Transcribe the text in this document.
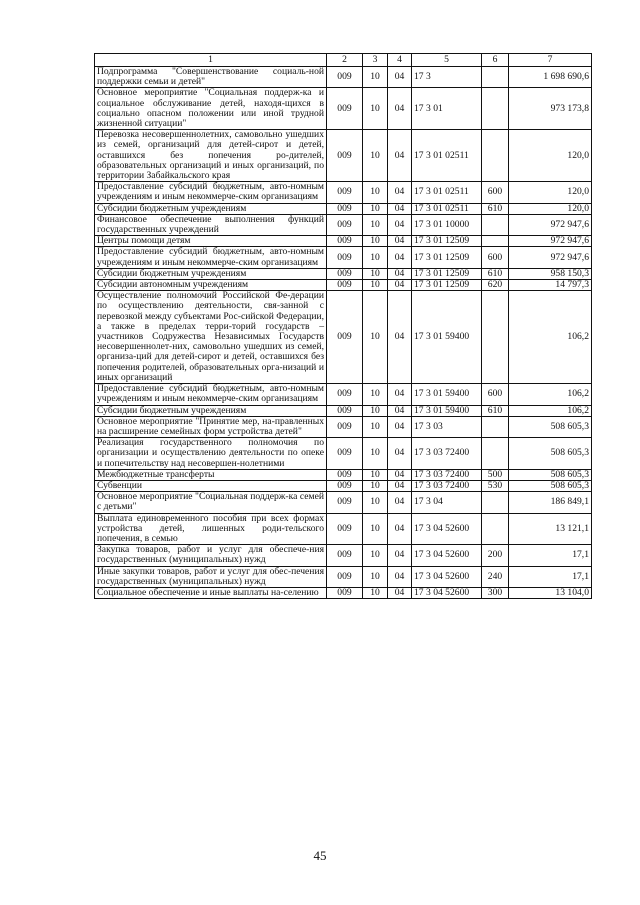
1	2	3	4	5	6	7
Подпрограмма "Совершенствование социаль-ной поддержки семьи и детей"	009	10	04	17 3		1 698 690,6
Основное мероприятие "Социальная поддерж-ка и социальное обслуживание детей, находя-щихся в социально опасном положении или иной трудной жизненной ситуации"	009	10	04	17 3 01		973 173,8
Перевозка несовершеннолетних, самовольно ушедших из семей, организаций для детей-сирот и детей, оставшихся без попечения ро-дителей, образовательных организаций и иных организаций, по территории Забайкальского края	009	10	04	17 3 01 02511		120,0
Предоставление субсидий бюджетным, авто-номным учреждениям и иным некоммерче-ским организациям	009	10	04	17 3 01 02511	600	120,0
Субсидии бюджетным учреждениям	009	10	04	17 3 01 02511	610	120,0
Финансовое обеспечение выполнения функций государственных учреждений	009	10	04	17 3 01 10000		972 947,6
Центры помощи детям	009	10	04	17 3 01 12509		972 947,6
Предоставление субсидий бюджетным, авто-номным учреждениям и иным некоммерче-ским организациям	009	10	04	17 3 01 12509	600	972 947,6
Субсидии бюджетным учреждениям	009	10	04	17 3 01 12509	610	958 150,3
Субсидии автономным учреждениям	009	10	04	17 3 01 12509	620	14 797,3
Осуществление полномочий Российской Фе-дерации по осуществлению деятельности, свя-занной с перевозкой между субъектами Рос-сийской Федерации, а также в пределах терри-торий государств – участников Содружества Независимых Государств несовершеннолет-них, самовольно ушедших из семей, организа-ций для детей-сирот и детей, оставшихся без попечения родителей, образовательных орга-низаций и иных организаций	009	10	04	17 3 01 59400		106,2
Предоставление субсидий бюджетным, авто-номным учреждениям и иным некоммерче-ским организациям	009	10	04	17 3 01 59400	600	106,2
Субсидии бюджетным учреждениям	009	10	04	17 3 01 59400	610	106,2
Основное мероприятие "Принятие мер, на-правленных на расширение семейных форм устройства детей"	009	10	04	17 3 03		508 605,3
Реализация государственного полномочия по организации и осуществлению деятельности по опеке и попечительству над несовершен-нолетними	009	10	04	17 3 03 72400		508 605,3
Межбюджетные трансферты	009	10	04	17 3 03 72400	500	508 605,3
Субвенции	009	10	04	17 3 03 72400	530	508 605,3
Основное мероприятие "Социальная поддерж-ка семей с детьми"	009	10	04	17 3 04		186 849,1
Выплата единовременного пособия при всех формах устройства детей, лишенных роди-тельского попечения, в семью	009	10	04	17 3 04 52600		13 121,1
Закупка товаров, работ и услуг для обеспече-ния государственных (муниципальных) нужд	009	10	04	17 3 04 52600	200	17,1
Иные закупки товаров, работ и услуг для обес-печения государственных (муниципальных) нужд	009	10	04	17 3 04 52600	240	17,1
Социальное обеспечение и иные выплаты на-селению	009	10	04	17 3 04 52600	300	13 104,0
45
